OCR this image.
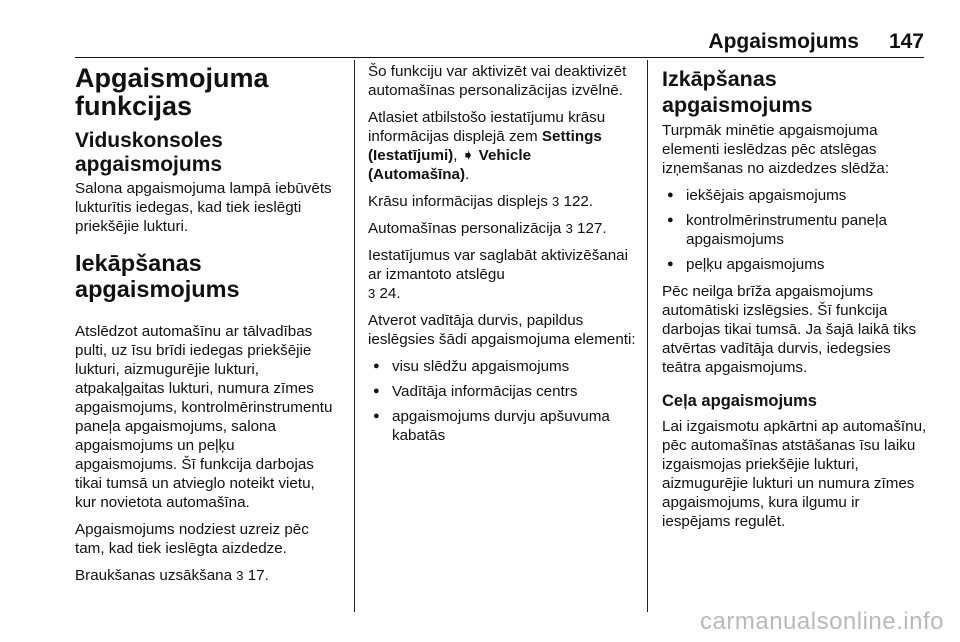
Apgaismojums 147
Apgaismojuma funkcijas
Viduskonsoles apgaismojums

Salona apgaismojuma lampā iebūvēts lukturītis iedegas, kad tiek ieslēgti priekšējie lukturi.

Iekāpšanas apgaismojums

Atslēdzot automašīnu ar tālvadības pulti, uz īsu brīdi iedegas priekšējie lukturi, aizmugurējie lukturi, atpakaļgaitas lukturi, numura zīmes apgaismojums, kontrolmērinstrumentu paneļa apgaismojums, salona apgaismojums un peļķu apgaismojums. Šī funkcija darbojas tikai tumsā un atvieglo noteikt vietu, kur novietota automašīna.

Apgaismojums nodziest uzreiz pēc tam, kad tiek ieslēgta aizdedze.

Braukšanas uzsākšana 3 17.

Šo funkciju var aktivizēt vai deaktivizēt automašīnas personalizācijas izvēlnē.

Atlasiet atbilstošo iestatījumu krāsu informācijas displejā zem Settings (Iestatījumi), ➧ Vehicle (Automašīna).

Krāsu informācijas displejs 3 122.

Automašīnas personalizācija 3 127.

Iestatījumus var saglabāt aktivizēšanai ar izmantoto atslēgu
3 24.

Atverot vadītāja durvis, papildus ieslēgsies šādi apgaismojuma elementi:

● visu slēdžu apgaismojums
● Vadītāja informācijas centrs
● apgaismojums durvju apšuvuma kabatās
Izkāpšanas apgaismojums

Turpmāk minētie apgaismojuma elementi ieslēdzas pēc atslēgas izņemšanas no aizdedzes slēdža:

● iekšējais apgaismojums
● kontrolmērinstrumentu paneļa apgaismojums
● peļķu apgaismojums

Pēc neilga brīža apgaismojums automātiski izslēgsies. Šī funkcija darbojas tikai tumsā. Ja šajā laikā tiks atvērtas vadītāja durvis, iedegsies teātra apgaismojums.

Ceļa apgaismojums

Lai izgaismotu apkārtni ap automašīnu, pēc automašīnas atstāšanas īsu laiku izgaismojas priekšējie lukturi, aizmugurējie lukturi un numura zīmes apgaismojums, kura ilgumu ir iespējams regulēt.

carmanualsonline.info
